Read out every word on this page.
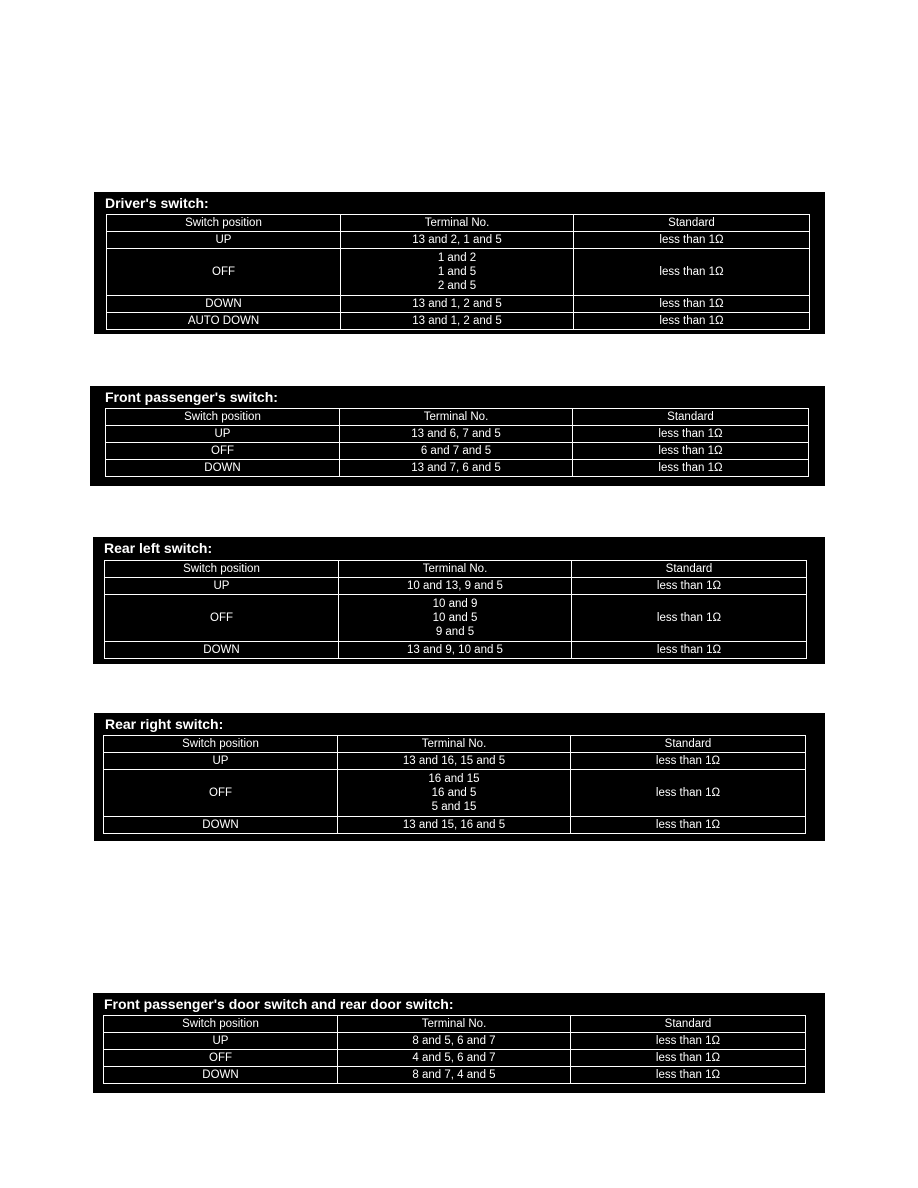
Driver's switch:
Switch position	Terminal No.	Standard
UP	13 and 2, 1 and 5	less than 1Ω
OFF	1 and 2
1 and 5
2 and 5	less than 1Ω
DOWN	13 and 1, 2 and 5	less than 1Ω
AUTO DOWN	13 and 1, 2 and 5	less than 1Ω
Front passenger's switch:
Switch position	Terminal No.	Standard
UP	13 and 6, 7 and 5	less than 1Ω
OFF	6 and 7 and 5	less than 1Ω
DOWN	13 and 7, 6 and 5	less than 1Ω
Rear left switch:
Switch position	Terminal No.	Standard
UP	10 and 13, 9 and 5	less than 1Ω
OFF	10 and 9
10 and 5
9 and 5	less than 1Ω
DOWN	13 and 9, 10 and 5	less than 1Ω
Rear right switch:
Switch position	Terminal No.	Standard
UP	13 and 16, 15 and 5	less than 1Ω
OFF	16 and 15
16 and 5
5 and 15	less than 1Ω
DOWN	13 and 15, 16 and 5	less than 1Ω
Front passenger's door switch and rear door switch:
Switch position	Terminal No.	Standard
UP	8 and 5, 6 and 7	less than 1Ω
OFF	4 and 5, 6 and 7	less than 1Ω
DOWN	8 and 7, 4 and 5	less than 1Ω
